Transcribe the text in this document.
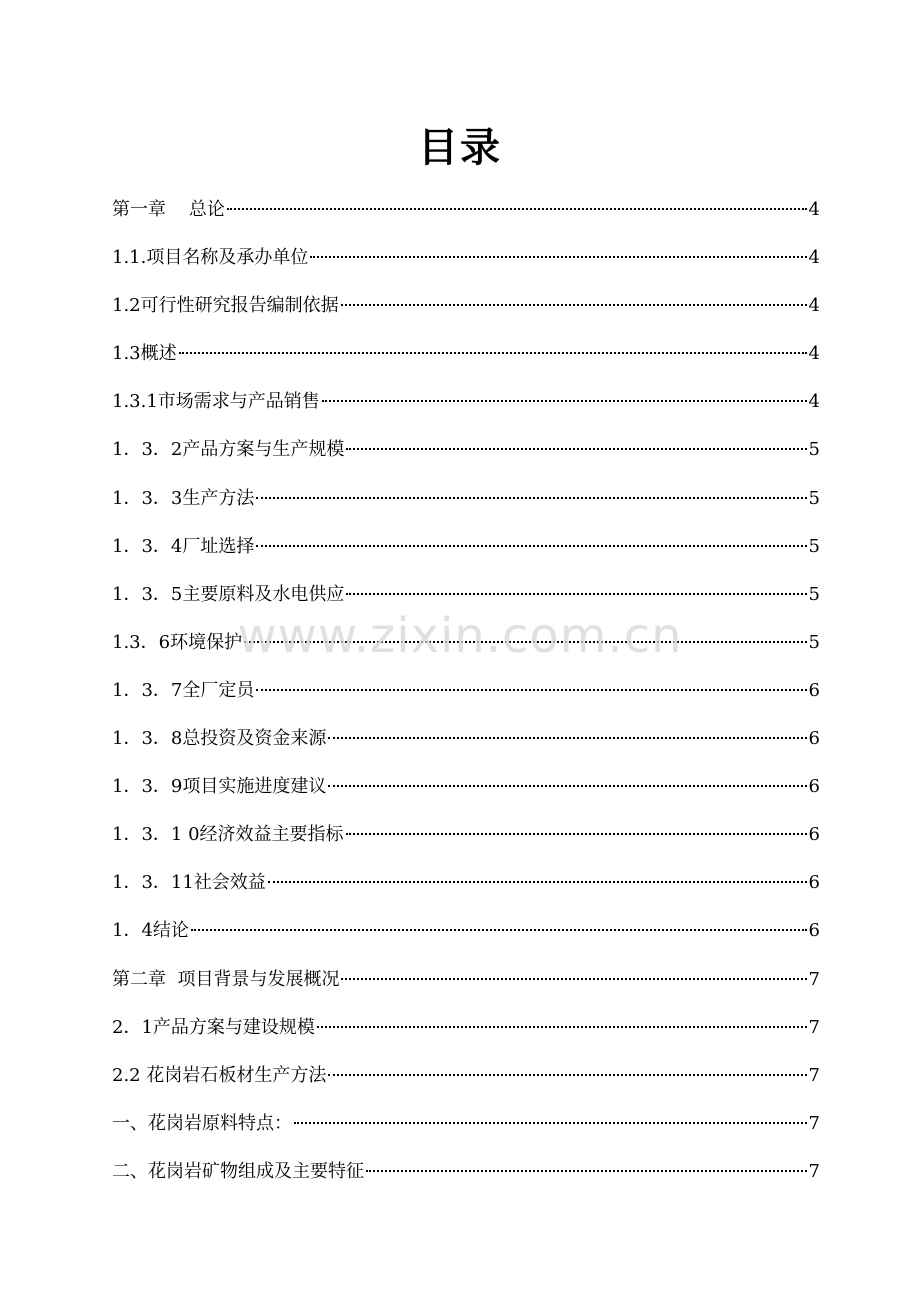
目录
第一章    总论	4
1.1.项目名称及承办单位	4
1.2可行性研究报告编制依据	4
1.3概述	4
1.3.1市场需求与产品销售	4
1．3．2产品方案与生产规模	5
1．3．3生产方法	5
1．3．4厂址选择	5
1．3．5主要原料及水电供应	5
1.3．6环境保护	5
1．3．7全厂定员	6
1．3．8总投资及资金来源	6
1．3．9项目实施进度建议	6
1．3．1 0经济效益主要指标	6
1．3．11社会效益	6
1．4结论	6
第二章  项目背景与发展概况	7
2．1产品方案与建设规模	7
2.2 花岗岩石板材生产方法	7
一、花岗岩原料特点：	7
二、花岗岩矿物组成及主要特征	7
www.zixin.com.cn
